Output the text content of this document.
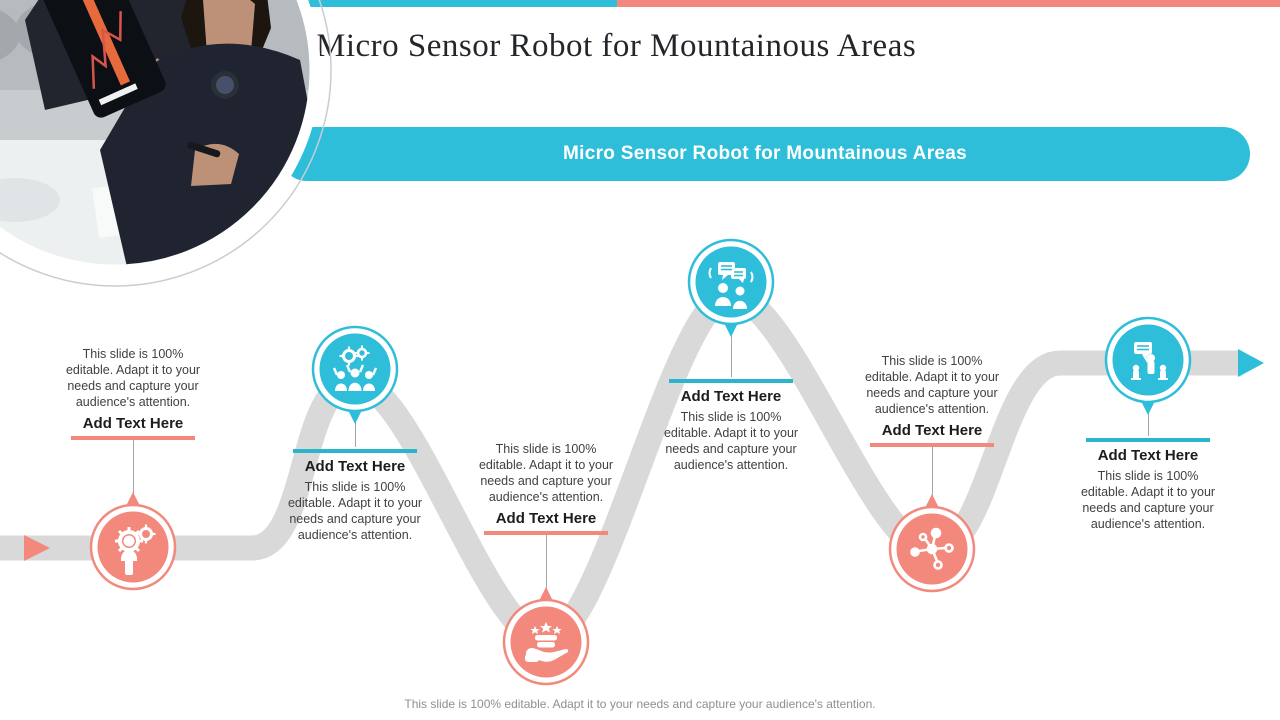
Micro Sensor Robot for Mountainous Areas
Micro Sensor Robot for Mountainous Areas
This slide is 100% editable. Adapt it to your needs and capture your audience's attention.
Add Text Here
Add Text Here
This slide is 100% editable. Adapt it to your needs and capture your audience's attention.
This slide is 100% editable. Adapt it to your needs and capture your audience's attention.
Add Text Here
Add Text Here
This slide is 100% editable. Adapt it to your needs and capture your audience's attention.
This slide is 100% editable. Adapt it to your needs and capture your audience's attention.
Add Text Here
Add Text Here
This slide is 100% editable. Adapt it to your needs and capture your audience's attention.
This slide is 100% editable. Adapt it to your needs and capture your audience's attention.
